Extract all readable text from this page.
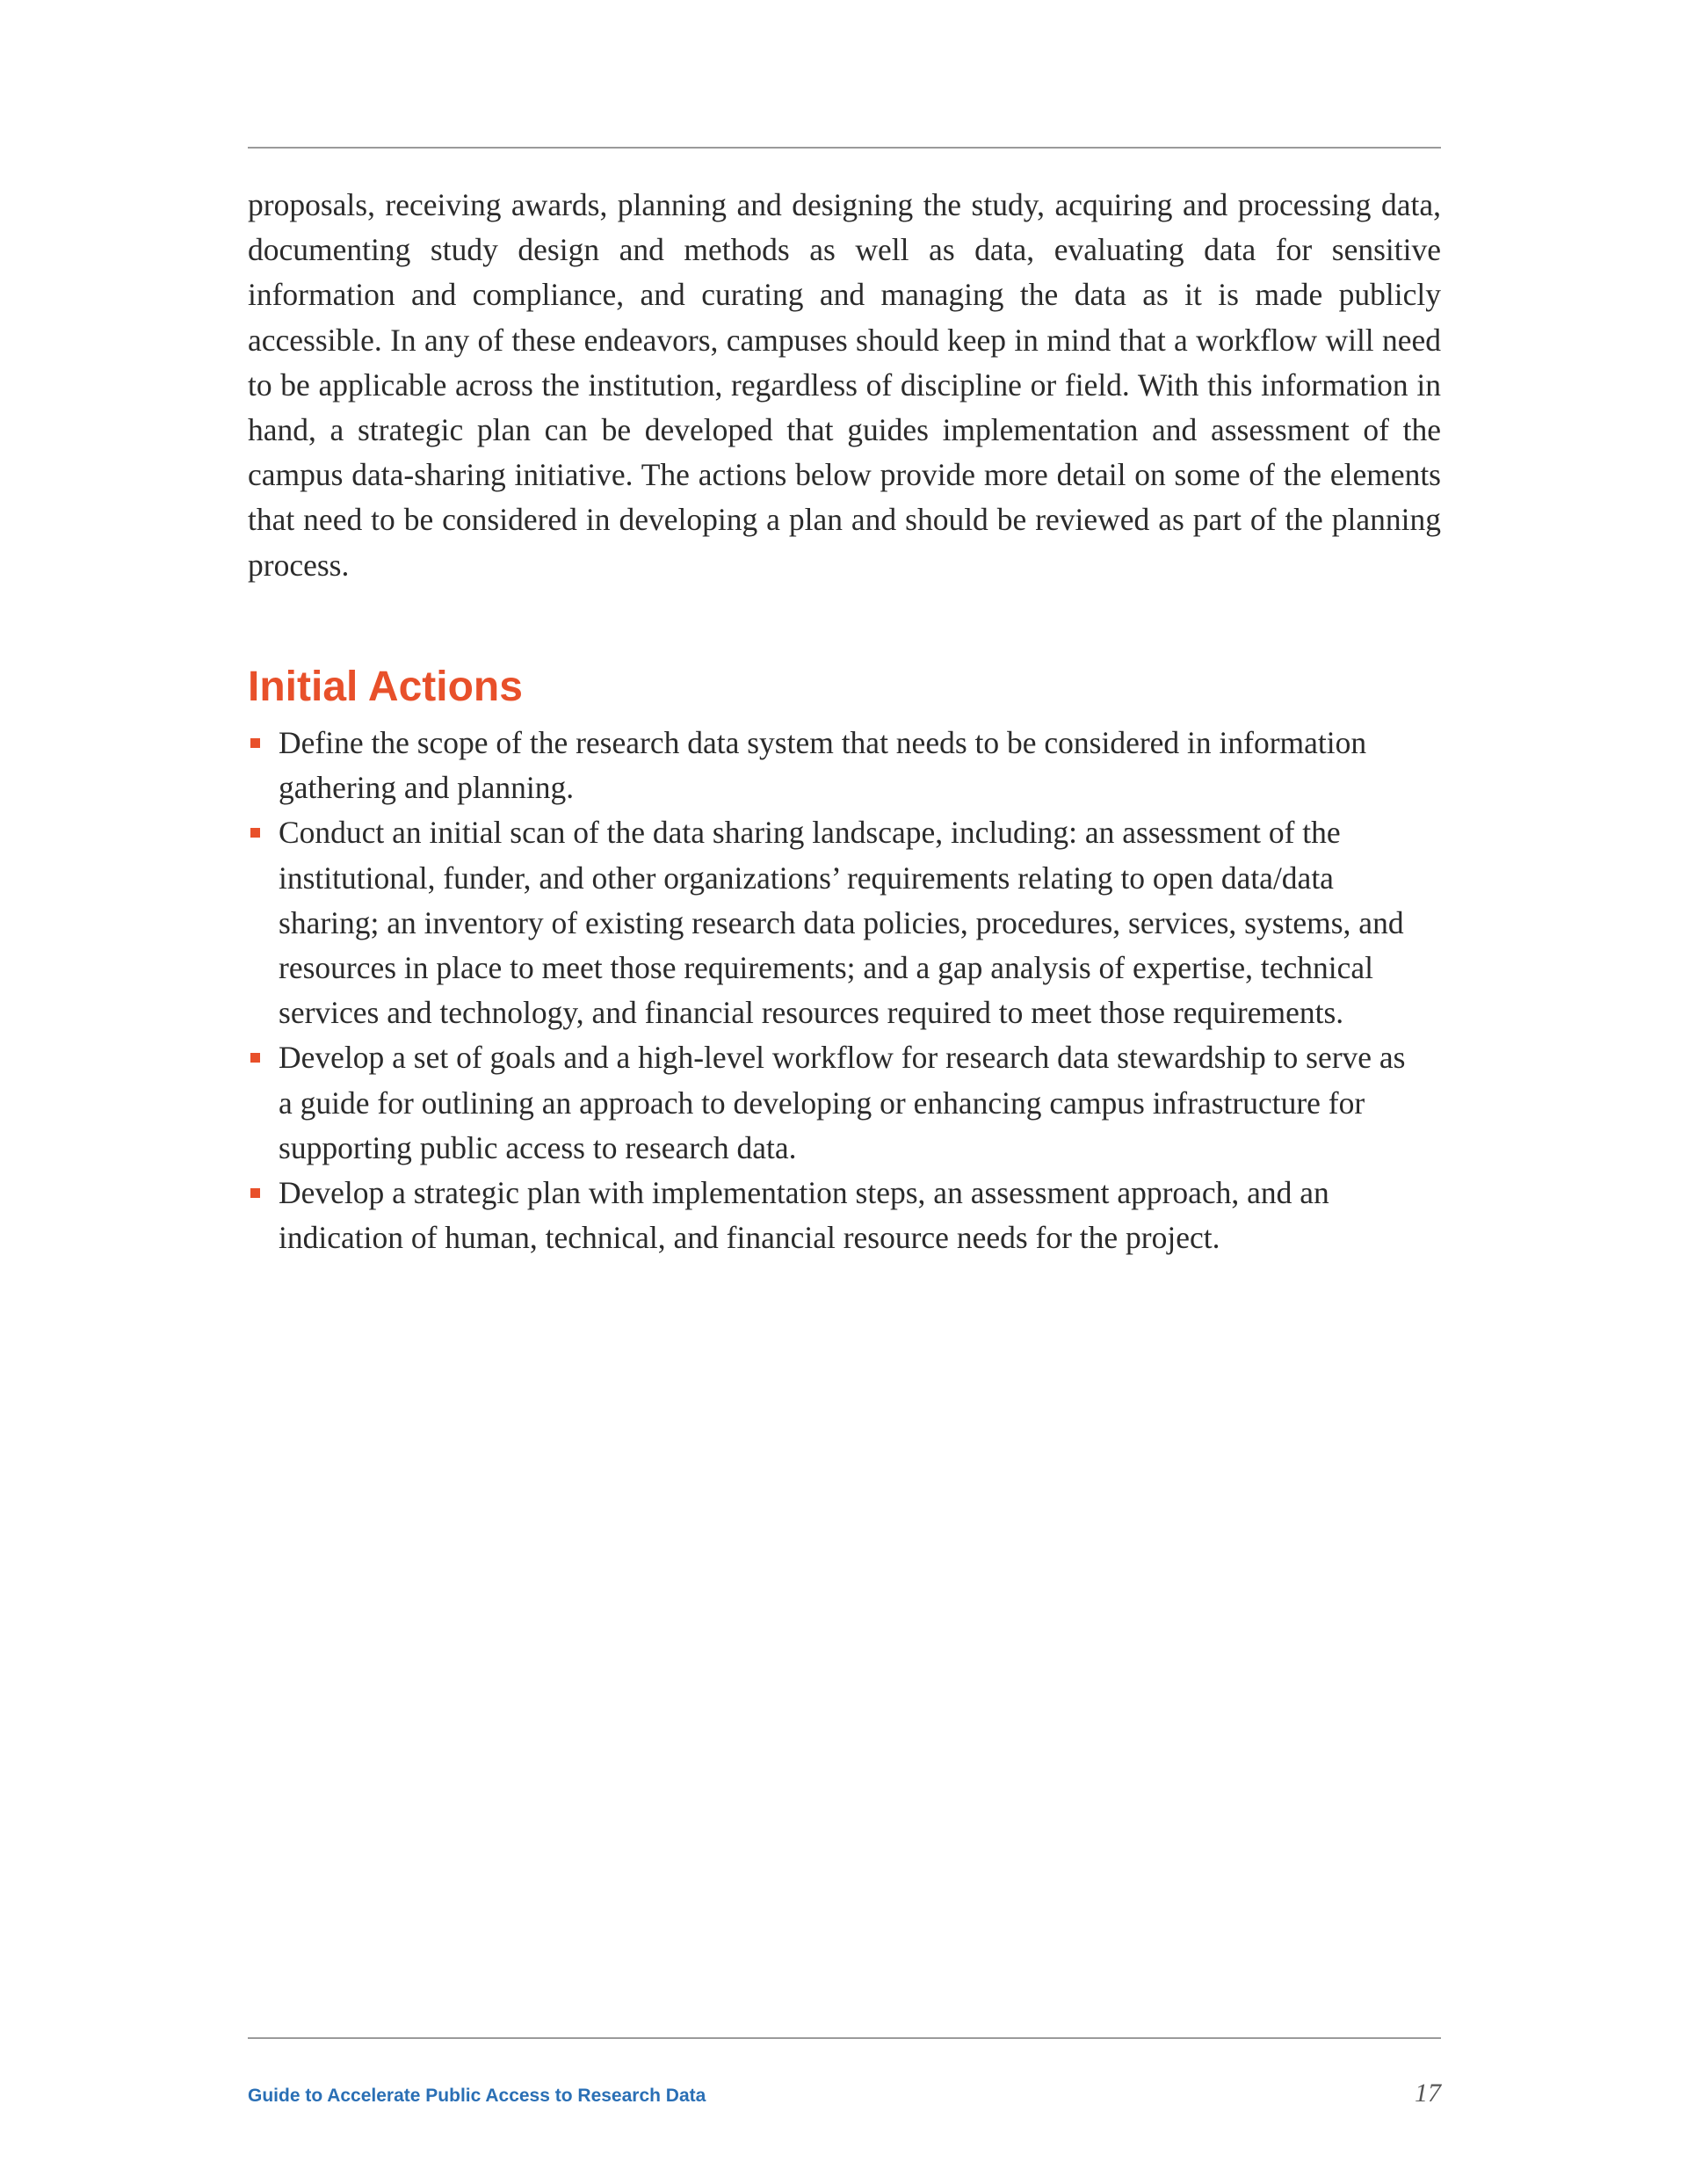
proposals, receiving awards, planning and designing the study, acquiring and processing data, documenting study design and methods as well as data, evaluating data for sensitive information and compliance, and curating and managing the data as it is made publicly accessible. In any of these endeavors, campuses should keep in mind that a workflow will need to be applicable across the institution, regardless of discipline or field. With this information in hand, a strategic plan can be developed that guides implementation and assessment of the campus data-sharing initiative. The actions below provide more detail on some of the elements that need to be considered in developing a plan and should be reviewed as part of the planning process.

Initial Actions
Define the scope of the research data system that needs to be considered in information gathering and planning.
Conduct an initial scan of the data sharing landscape, including: an assessment of the institutional, funder, and other organizations’ requirements relating to open data/data sharing; an inventory of existing research data policies, procedures, services, systems, and resources in place to meet those requirements; and a gap analysis of expertise, technical services and technology, and financial resources required to meet those requirements.
Develop a set of goals and a high-level workflow for research data stewardship to serve as a guide for outlining an approach to developing or enhancing campus infrastructure for supporting public access to research data.
Develop a strategic plan with implementation steps, an assessment approach, and an indication of human, technical, and financial resource needs for the project.
Guide to Accelerate Public Access to Research Data	17
